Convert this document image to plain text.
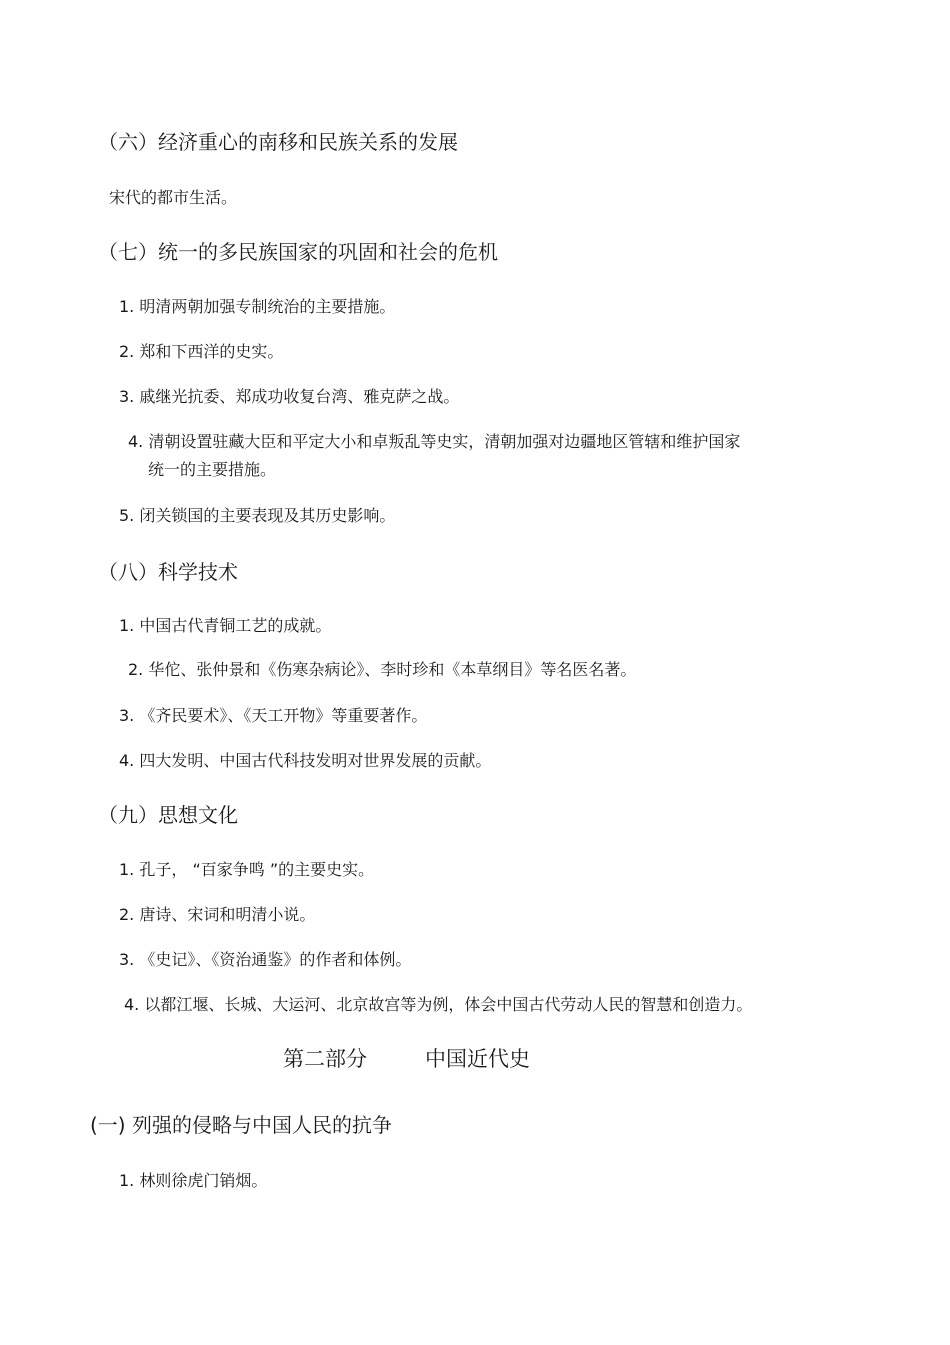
（六）经济重心的南移和民族关系的发展
宋代的都市生活。
（七）统一的多民族国家的巩固和社会的危机
1. 明清两朝加强专制统治的主要措施。
2. 郑和下西洋的史实。
3. 戚继光抗委、郑成功收复台湾、雅克萨之战。
4. 清朝设置驻藏大臣和平定大小和卓叛乱等史实，清朝加强对边疆地区管辖和维护国家
统一的主要措施。
5. 闭关锁国的主要表现及其历史影响。
（八）科学技术
1. 中国古代青铜工艺的成就。
2. 华佗、张仲景和《伤寒杂病论》、李时珍和《本草纲目》等名医名著。
3. 《齐民要术》、《天工开物》等重要著作。
4. 四大发明、中国古代科技发明对世界发展的贡献。
（九）思想文化
1. 孔子， “百家争鸣 ”的主要史实。
2. 唐诗、宋词和明清小说。
3. 《史记》、《资治通鉴》的作者和体例。
4. 以都江堰、长城、大运河、北京故宫等为例，体会中国古代劳动人民的智慧和创造力。
第二部分	中国近代史
(一) 列强的侵略与中国人民的抗争
1. 林则徐虎门销烟。
